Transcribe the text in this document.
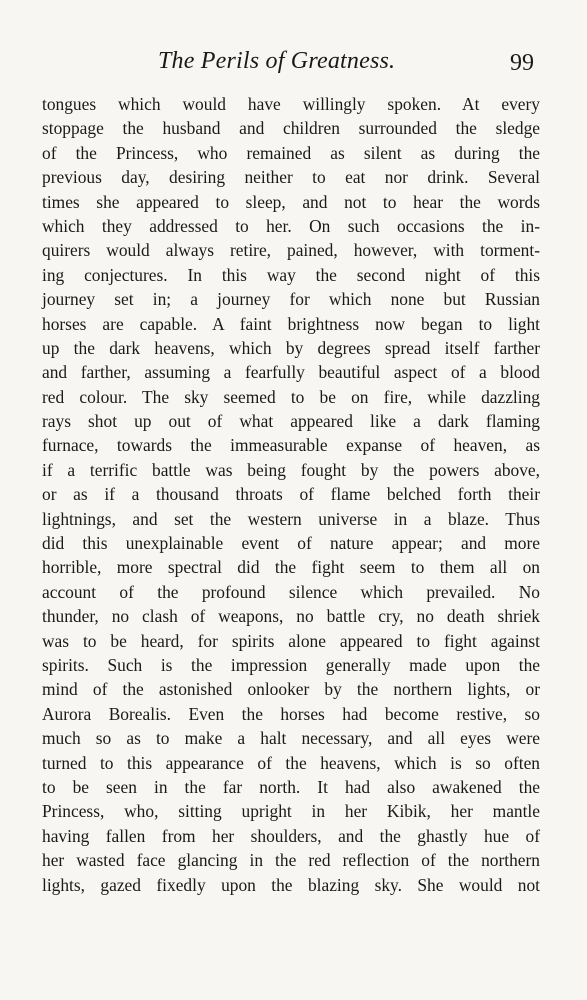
The Perils of Greatness.	99
tongues which would have willingly spoken. At every
stoppage the husband and children surrounded the sledge
of the Princess, who remained as silent as during the
previous day, desiring neither to eat nor drink. Several
times she appeared to sleep, and not to hear the words
which they addressed to her. On such occasions the in-
quirers would always retire, pained, however, with torment-
ing conjectures. In this way the second night of this
journey set in; a journey for which none but Russian
horses are capable. A faint brightness now began to light
up the dark heavens, which by degrees spread itself farther
and farther, assuming a fearfully beautiful aspect of a blood
red colour. The sky seemed to be on fire, while dazzling
rays shot up out of what appeared like a dark flaming
furnace, towards the immeasurable expanse of heaven, as
if a terrific battle was being fought by the powers above,
or as if a thousand throats of flame belched forth their
lightnings, and set the western universe in a blaze. Thus
did this unexplainable event of nature appear; and more
horrible, more spectral did the fight seem to them all on
account of the profound silence which prevailed. No
thunder, no clash of weapons, no battle cry, no death shriek
was to be heard, for spirits alone appeared to fight against
spirits. Such is the impression generally made upon the
mind of the astonished onlooker by the northern lights, or
Aurora Borealis. Even the horses had become restive, so
much so as to make a halt necessary, and all eyes were
turned to this appearance of the heavens, which is so often
to be seen in the far north. It had also awakened the
Princess, who, sitting upright in her Kibik, her mantle
having fallen from her shoulders, and the ghastly hue of
her wasted face glancing in the red reflection of the northern
lights, gazed fixedly upon the blazing sky. She would not
